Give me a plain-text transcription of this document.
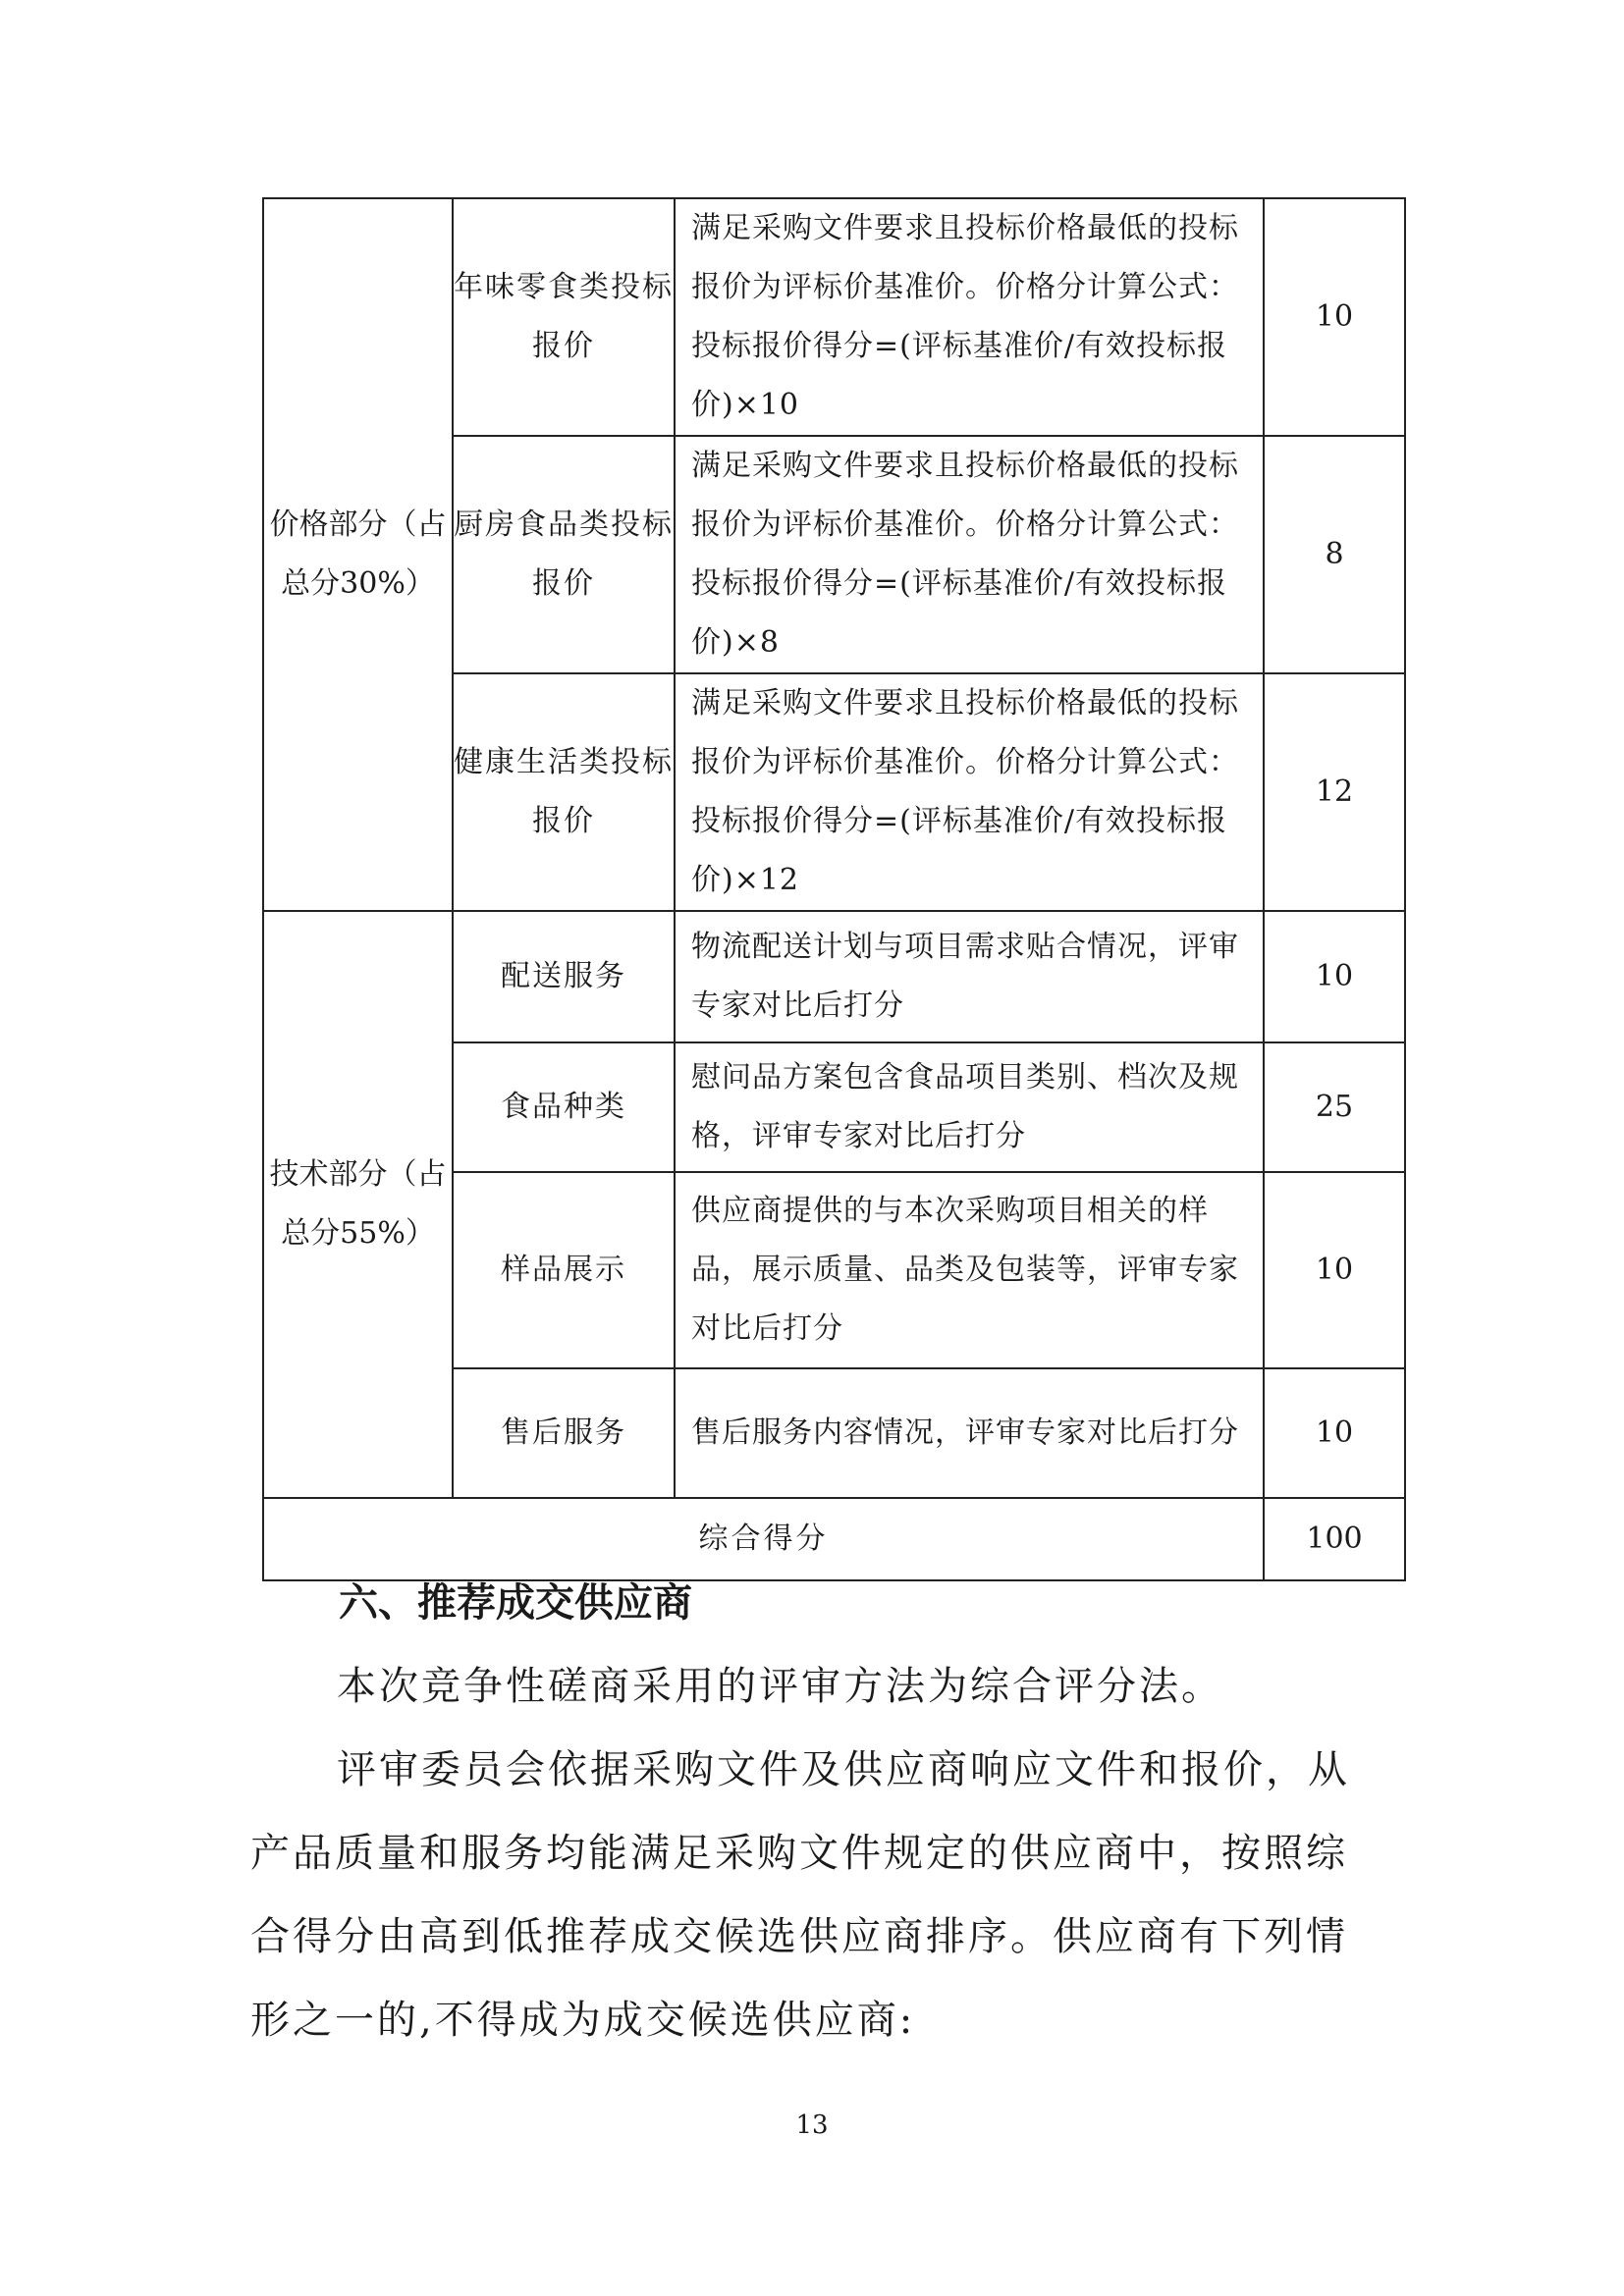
价格部分（占总分30%）	年味零食类投标报价	满足采购文件要求且投标价格最低的投标报价为评标价基准价。价格分计算公式：投标报价得分=(评标基准价/有效投标报价)×10	10
	厨房食品类投标报价	满足采购文件要求且投标价格最低的投标报价为评标价基准价。价格分计算公式：投标报价得分=(评标基准价/有效投标报价)×8	8
	健康生活类投标报价	满足采购文件要求且投标价格最低的投标报价为评标价基准价。价格分计算公式：投标报价得分=(评标基准价/有效投标报价)×12	12
技术部分（占总分55%）	配送服务	物流配送计划与项目需求贴合情况，评审专家对比后打分	10
	食品种类	慰问品方案包含食品项目类别、档次及规格，评审专家对比后打分	25
	样品展示	供应商提供的与本次采购项目相关的样品，展示质量、品类及包装等，评审专家对比后打分	10
	售后服务	售后服务内容情况，评审专家对比后打分	10
综合得分			100
六、推荐成交供应商

本次竞争性磋商采用的评审方法为综合评分法。

评审委员会依据采购文件及供应商响应文件和报价，从产品质量和服务均能满足采购文件规定的供应商中，按照综合得分由高到低推荐成交候选供应商排序。供应商有下列情形之一的,不得成为成交候选供应商:

13
